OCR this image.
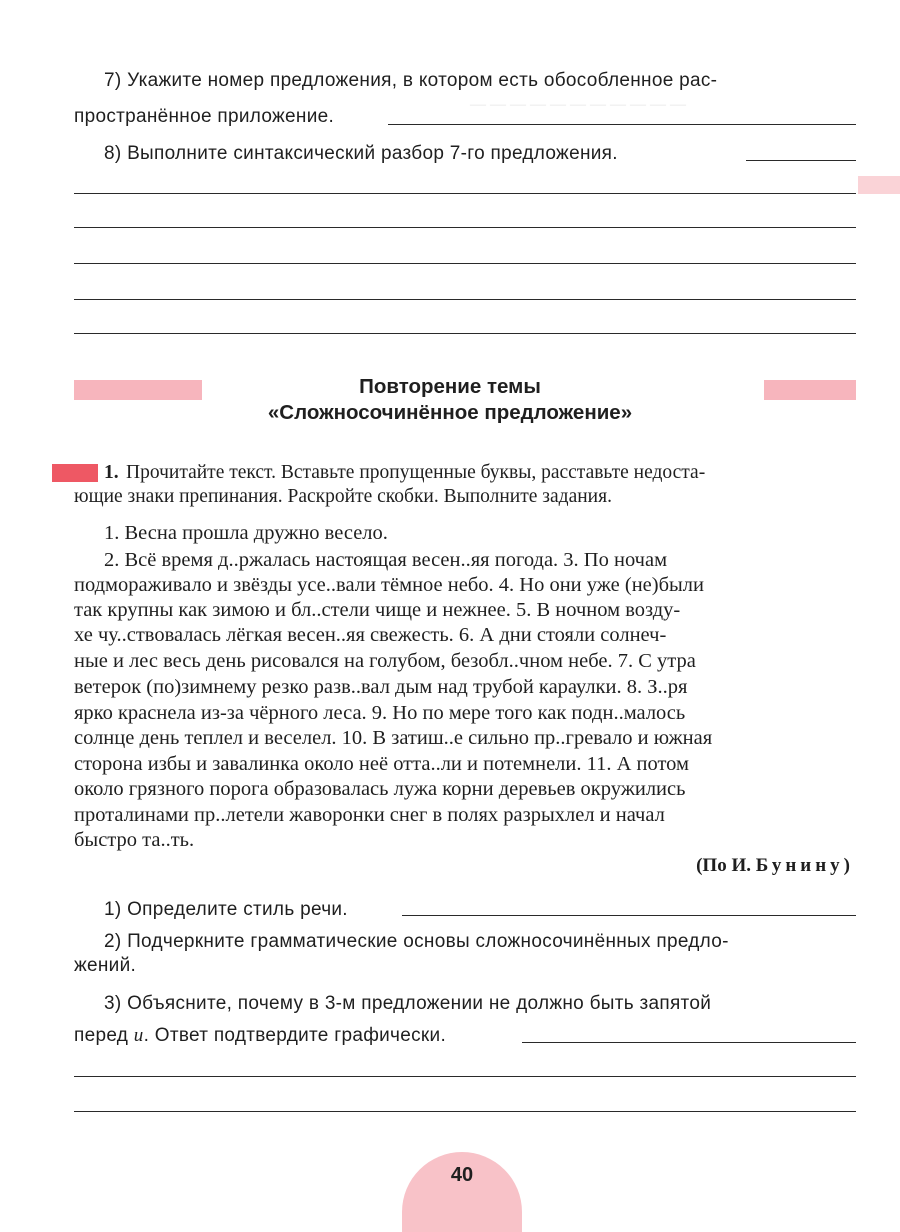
— — — — — — — — — — —
7) Укажите номер предложения, в котором есть обособленное рас-
пространённое приложение.
8) Выполните синтаксический разбор 7-го предложения.
Повторение темы
«Сложносочинённое предложение»
1. Прочитайте текст. Вставьте пропущенные буквы, расставьте недоста-
ющие знаки препинания. Раскройте скобки. Выполните задания.
1. Весна прошла дружно весело.
2. Всё время д..ржалась настоящая весен..яя погода. 3. По ночам
подмораживало и звёзды усе..вали тёмное небо. 4. Но они уже (не)были
так крупны как зимою и бл..стели чище и нежнее. 5. В ночном возду-
хе чу..ствовалась лёгкая весен..яя свежесть. 6. А дни стояли солнеч-
ные и лес весь день рисовался на голубом, безобл..чном небе. 7. С утра
ветерок (по)зимнему резко разв..вал дым над трубой караулки. 8. З..ря
ярко краснела из-за чёрного леса. 9. Но по мере того как подн..малось
солнце день теплел и веселел. 10. В затиш..е сильно пр..гревало и южная
сторона избы и завалинка около неё отта..ли и потемнели. 11. А потом
около грязного порога образовалась лужа корни деревьев окружились
проталинами пр..летели жаворонки снег в полях разрыхлел и начал
быстро та..ть.
(По И. Бунину)
1) Определите стиль речи.
2) Подчеркните грамматические основы сложносочинённых предло-
жений.
3) Объясните, почему в 3-м предложении не должно быть запятой
перед и. Ответ подтвердите графически.
40
